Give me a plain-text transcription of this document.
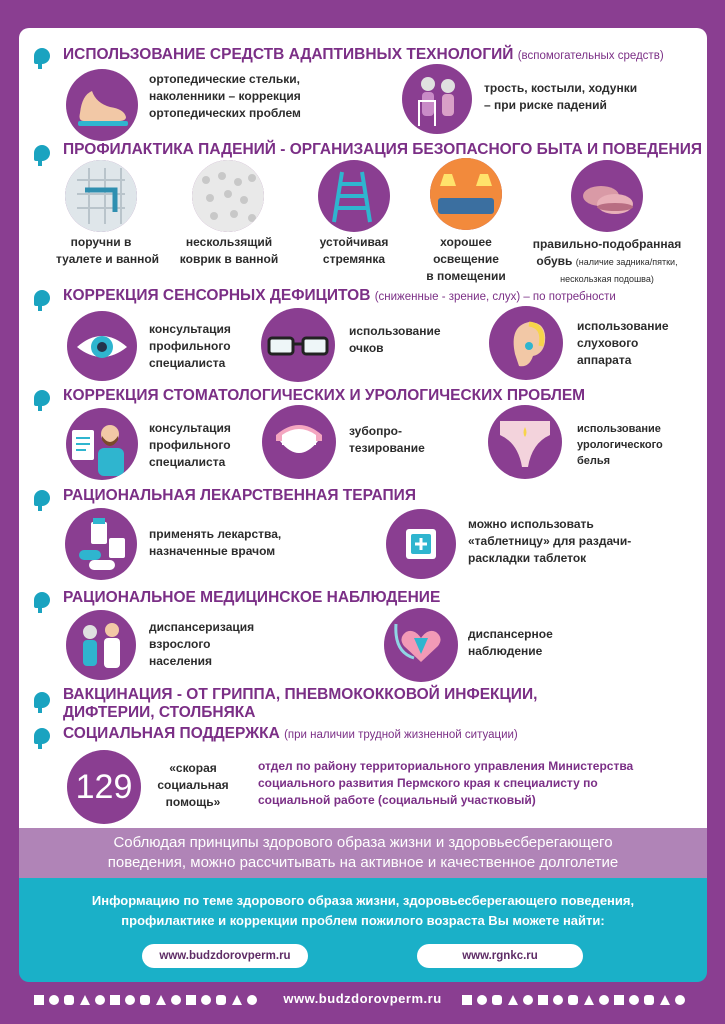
ИСПОЛЬЗОВАНИЕ СРЕДСТВ АДАПТИВНЫХ ТЕХНОЛОГИЙ (вспомогательных средств)
ортопедические стельки,
наколенники – коррекция
ортопедических проблем
трость, костыли, ходунки
– при риске падений
ПРОФИЛАКТИКА ПАДЕНИЙ - ОРГАНИЗАЦИЯ БЕЗОПАСНОГО БЫТА И ПОВЕДЕНИЯ
поручни в
туалете и ванной
нескользящий
коврик в ванной
устойчивая
стремянка
хорошее
освещение
в помещении
правильно-подобранная
обувь (наличие задника/пятки,
нескользкая подошва)
КОРРЕКЦИЯ СЕНСОРНЫХ ДЕФИЦИТОВ (сниженные - зрение, слух) – по потребности
консультация
профильного
специалиста
использование
очков
использование
слухового
аппарата
КОРРЕКЦИЯ СТОМАТОЛОГИЧЕСКИХ И УРОЛОГИЧЕСКИХ ПРОБЛЕМ
консультация
профильного
специалиста
зубопро-
тезирование
использование
урологического
белья
РАЦИОНАЛЬНАЯ ЛЕКАРСТВЕННАЯ ТЕРАПИЯ
применять лекарства,
назначенные врачом
можно использовать
«таблетницу» для раздачи-
раскладки таблеток
РАЦИОНАЛЬНОЕ МЕДИЦИНСКОЕ НАБЛЮДЕНИЕ
диспансеризация
взрослого
населения
диспансерное
наблюдение
ВАКЦИНАЦИЯ - ОТ ГРИППА, ПНЕВМОКОККОВОЙ ИНФЕКЦИИ,
ДИФТЕРИИ, СТОЛБНЯКА
СОЦИАЛЬНАЯ ПОДДЕРЖКА (при наличии трудной жизненной ситуации)
129	«скорая
социальная
помощь»
отдел по району территориального управления Министерства
социального развития Пермского края к специалисту по
социальной работе (социальный участковый)
Соблюдая принципы здорового образа жизни и здоровьесберегающего
поведения, можно рассчитывать на активное и качественное долголетие
Информацию по теме здорового образа жизни, здоровьесберегающего поведения,
профилактике и коррекции проблем пожилого возраста Вы можете найти:
www.budzdorovperm.ru	www.rgnkc.ru
www.budzdorovperm.ru
